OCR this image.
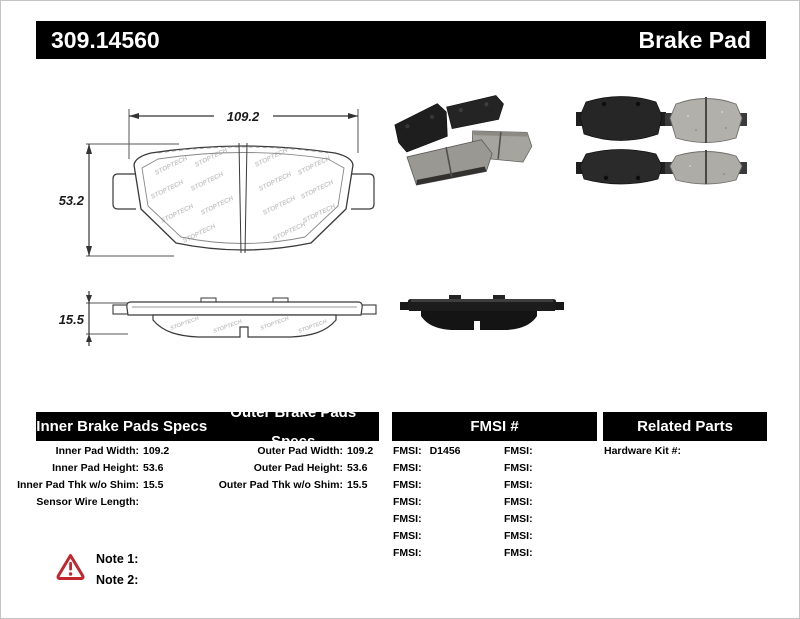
309.14560	Brake Pad
109.2
53.2
STOPTECH STOPTECH	STOPTECH STOPTECH
STOPTECH STOPTECH	STOPTECH STOPTECH
STOPTECH STOPTECH	STOPTECH STOPTECH
STOPTECH	STOPTECH
15.5	STOPTECH STOPTECH	STOPTECH STOPTECH
Inner Brake Pads Specs
Outer Brake Pads Specs
FMSI #	Related Parts
Inner Pad Width: 109.2
Inner Pad Height: 53.6
Inner Pad Thk w/o Shim: 15.5
Sensor Wire Length:
Outer Pad Width: 109.2
Outer Pad Height: 53.6
Outer Pad Thk w/o Shim: 15.5
FMSI: D1456
FMSI:
FMSI:
FMSI:
FMSI:
FMSI:
FMSI:
FMSI:
FMSI:
FMSI:
FMSI:
FMSI:
FMSI:
FMSI:
Hardware Kit #:
Note 1:
Note 2:
